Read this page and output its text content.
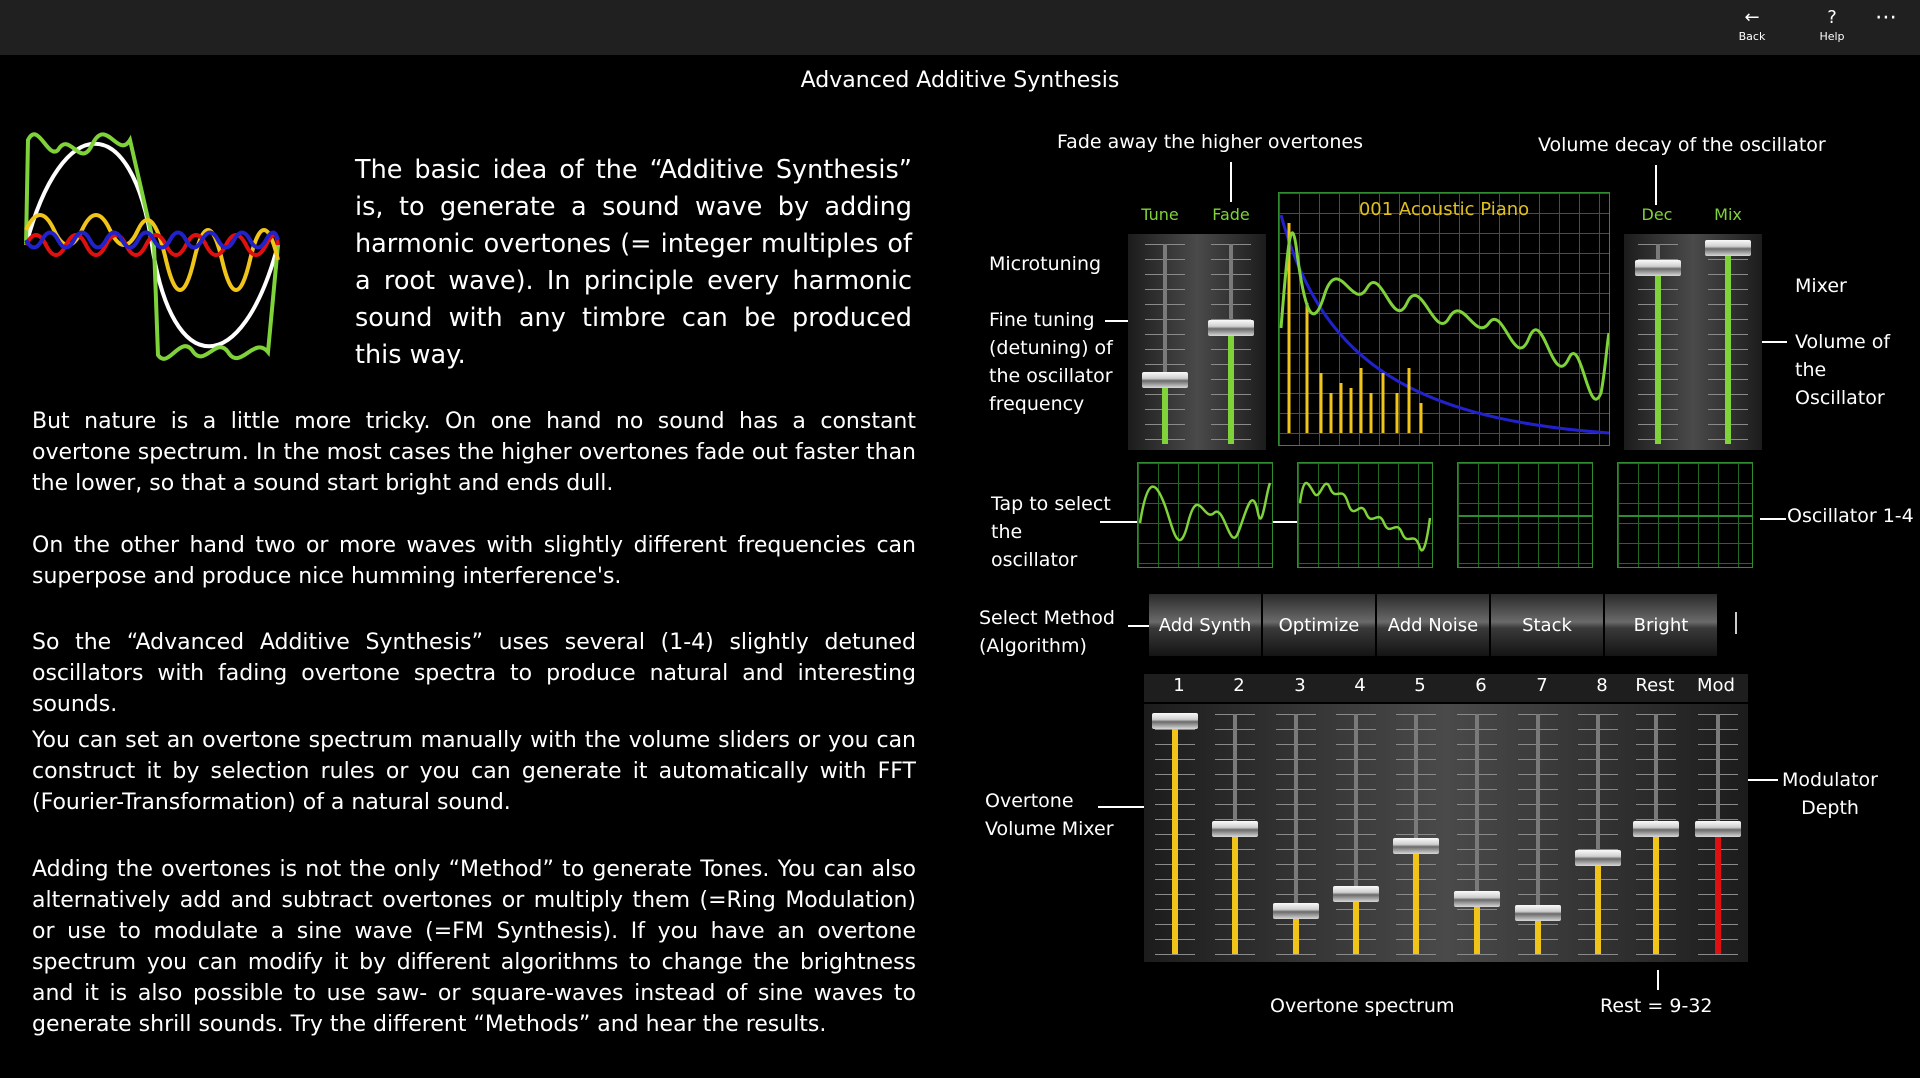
←
Back
?
Help
⋯
Advanced Additive Synthesis
The basic idea of the “Additive Synthesis” is, to generate a sound wave by adding harmonic overtones (= integer multiples of a root wave). In principle every harmonic sound with any timbre can be produced this way.
But nature is a little more tricky. On one hand no sound has a constant overtone spectrum. In the most cases the higher overtones fade out faster than the lower, so that a sound start bright and ends dull.
On the other hand two or more waves with slightly different frequencies can superpose and produce nice humming interference's.
So the “Advanced Additive Synthesis” uses several (1-4) slightly detuned oscillators with fading overtone spectra to produce natural and interesting sounds.
You can set an overtone spectrum manually with the volume sliders or you can construct it by selection rules or you can generate it automatically with FFT (Fourier-Transformation) of a natural sound.
Adding the overtones is not the only “Method” to generate Tones. You can also alternatively add and subtract overtones or multiply them (=Ring Modulation) or use to modulate a sine wave (=FM Synthesis). If you have an overtone spectrum you can modify it by different algorithms to change the brightness and it is also possible to use saw- or square-waves instead of sine waves to generate shrill sounds. Try the different “Methods” and hear the results.
Fade away the higher overtones	Volume decay of the oscillator
Microtuning
Fine tuning (detuning) of the oscillator frequency
Mixer
Volume of the Oscillator
Tap to select the oscillator
Oscillator 1-4
Select Method (Algorithm)
Overtone Volume Mixer
Modulator Depth
Overtone spectrum	Rest = 9-32
Tune	Fade	Dec	Mix
001 Acoustic Piano
Add Synth	Optimize	Add Noise	Stack	Bright
1	2	3	4	5	6	7	8	Rest	Mod
